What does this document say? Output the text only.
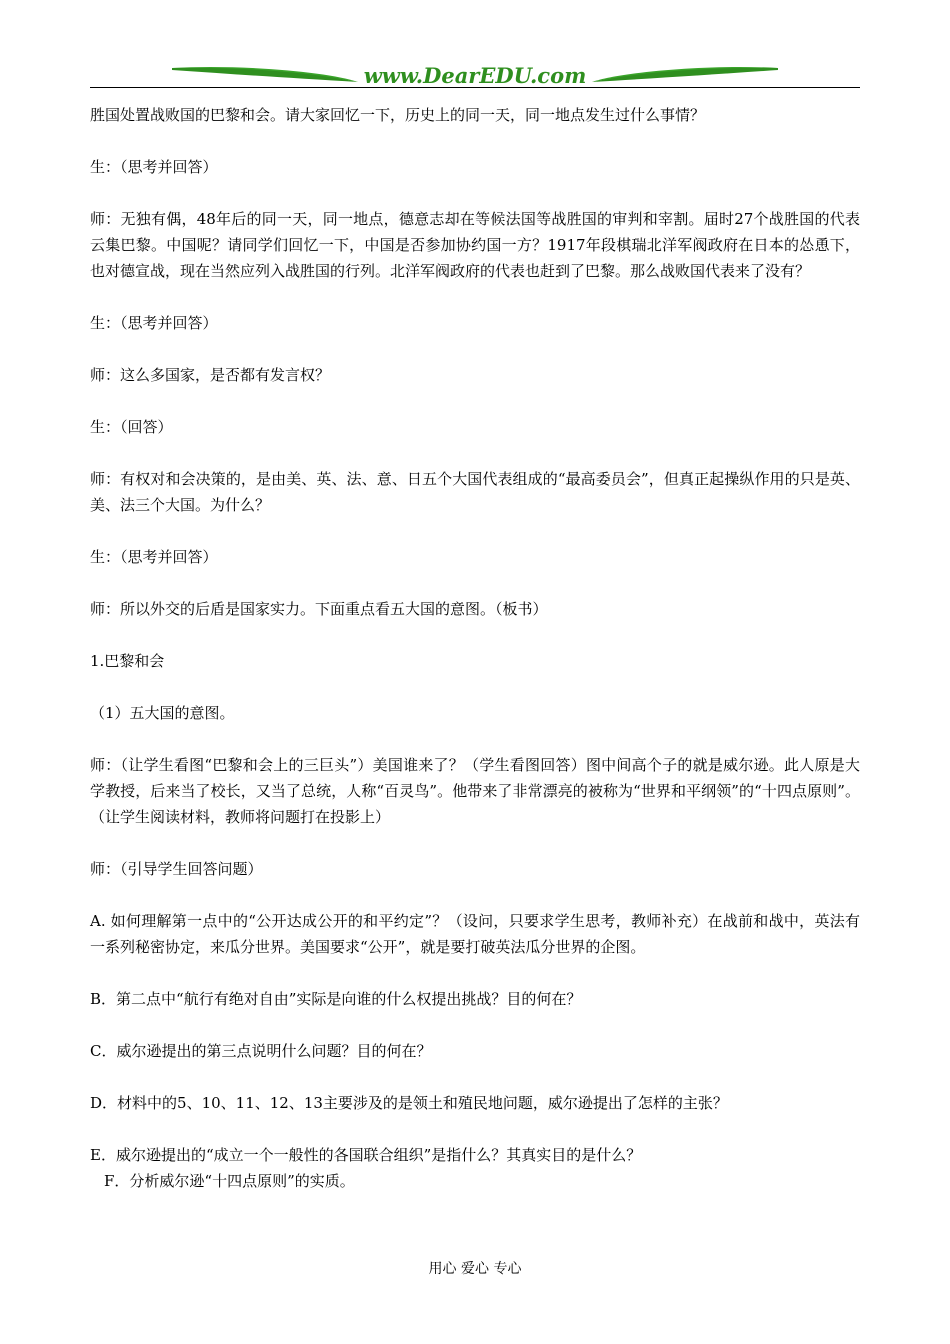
www.DearEDU.com

胜国处置战败国的巴黎和会。请大家回忆一下，历史上的同一天，同一地点发生过什么事情？

生：（思考并回答）

师：无独有偶，48年后的同一天，同一地点，德意志却在等候法国等战胜国的审判和宰割。届时27个战胜国的代表云集巴黎。中国呢？请同学们回忆一下，中国是否参加协约国一方？1917年段棋瑞北洋军阀政府在日本的怂恿下，也对德宣战，现在当然应列入战胜国的行列。北洋军阀政府的代表也赶到了巴黎。那么战败国代表来了没有？

生：（思考并回答）

师：这么多国家，是否都有发言权？

生：（回答）

师：有权对和会决策的，是由美、英、法、意、日五个大国代表组成的“最高委员会”，但真正起操纵作用的只是英、美、法三个大国。为什么？

生：（思考并回答）

师：所以外交的后盾是国家实力。下面重点看五大国的意图。（板书）

1.巴黎和会

（1）五大国的意图。

师：（让学生看图“巴黎和会上的三巨头”）美国谁来了？（学生看图回答）图中间高个子的就是威尔逊。此人原是大学教授，后来当了校长，又当了总统，人称“百灵鸟”。他带来了非常漂亮的被称为“世界和平纲领”的“十四点原则”。（让学生阅读材料，教师将问题打在投影上）

师：（引导学生回答问题）

A. 如何理解第一点中的“公开达成公开的和平约定”？（设问，只要求学生思考，教师补充）在战前和战中，英法有一系列秘密协定，来瓜分世界。美国要求“公开”，就是要打破英法瓜分世界的企图。

B．第二点中“航行有绝对自由”实际是向谁的什么权提出挑战？目的何在？

C．威尔逊提出的第三点说明什么问题？目的何在？

D．材料中的5、10、11、12、13主要涉及的是领土和殖民地问题，威尔逊提出了怎样的主张？

E．威尔逊提出的“成立一个一般性的各国联合组织”是指什么？其真实目的是什么？

F．分析威尔逊“十四点原则”的实质。

用心 爱心 专心
